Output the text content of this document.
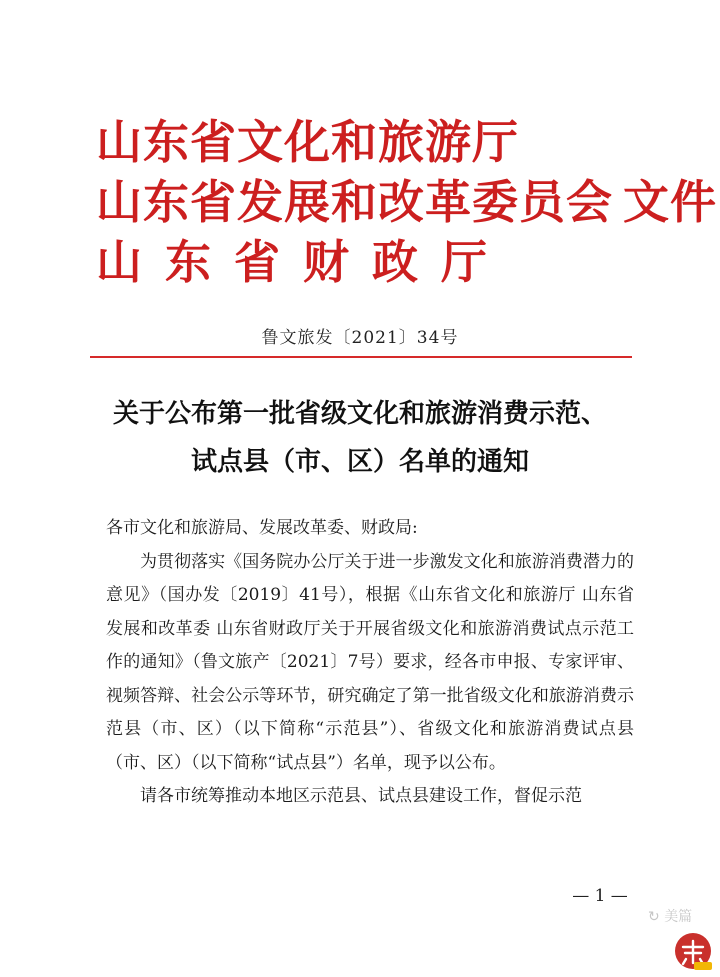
山东省文化和旅游厅
山东省发展和改革委员会 文件
山东省财政厅
鲁文旅发〔2021〕34号
关于公布第一批省级文化和旅游消费示范、
试点县（市、区）名单的通知

各市文化和旅游局、发展改革委、财政局:

为贯彻落实《国务院办公厅关于进一步激发文化和旅游消费潜力的意见》（国办发〔2019〕41号），根据《山东省文化和旅游厅 山东省发展和改革委 山东省财政厅关于开展省级文化和旅游消费试点示范工作的通知》（鲁文旅产〔2021〕7号）要求，经各市申报、专家评审、视频答辩、社会公示等环节，研究确定了第一批省级文化和旅游消费示范县（市、区）（以下简称“示范县”）、省级文化和旅游消费试点县（市、区）（以下简称“试点县”）名单，现予以公布。

请各市统筹推动本地区示范县、试点县建设工作，督促示范

— 1 —
↻ 美篇
